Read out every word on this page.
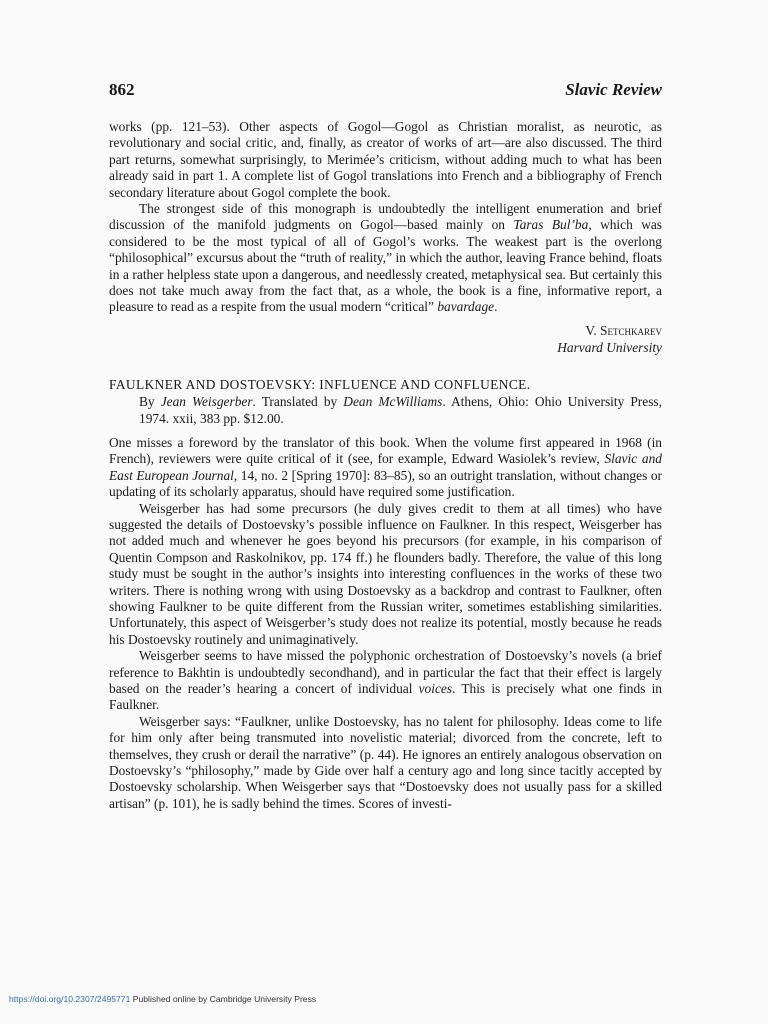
862	Slavic Review

works (pp. 121–53). Other aspects of Gogol—Gogol as Christian moralist, as neurotic, as revolutionary and social critic, and, finally, as creator of works of art—are also discussed. The third part returns, somewhat surprisingly, to Merimée’s criticism, without adding much to what has been already said in part 1. A complete list of Gogol translations into French and a bibliography of French secondary literature about Gogol complete the book.

The strongest side of this monograph is undoubtedly the intelligent enumeration and brief discussion of the manifold judgments on Gogol—based mainly on Taras Bul’ba, which was considered to be the most typical of all of Gogol’s works. The weakest part is the overlong “philosophical” excursus about the “truth of reality,” in which the author, leaving France behind, floats in a rather helpless state upon a dangerous, and needlessly created, metaphysical sea. But certainly this does not take much away from the fact that, as a whole, the book is a fine, informative report, a pleasure to read as a respite from the usual modern “critical” bavardage.

V. Setchkarev
Harvard University
FAULKNER AND DOSTOEVSKY: INFLUENCE AND CONFLUENCE.
By Jean Weisgerber. Translated by Dean McWilliams. Athens, Ohio: Ohio University Press, 1974. xxii, 383 pp. $12.00.

One misses a foreword by the translator of this book. When the volume first appeared in 1968 (in French), reviewers were quite critical of it (see, for example, Edward Wasiolek’s review, Slavic and East European Journal, 14, no. 2 [Spring 1970]: 83–85), so an outright translation, without changes or updating of its scholarly apparatus, should have required some justification.

Weisgerber has had some precursors (he duly gives credit to them at all times) who have suggested the details of Dostoevsky’s possible influence on Faulkner. In this respect, Weisgerber has not added much and whenever he goes beyond his precursors (for example, in his comparison of Quentin Compson and Raskolnikov, pp. 174 ff.) he flounders badly. Therefore, the value of this long study must be sought in the author’s insights into interesting confluences in the works of these two writers. There is nothing wrong with using Dostoevsky as a backdrop and contrast to Faulkner, often showing Faulkner to be quite different from the Russian writer, sometimes establishing similarities. Unfortunately, this aspect of Weisgerber’s study does not realize its potential, mostly because he reads his Dostoevsky routinely and unimaginatively.

Weisgerber seems to have missed the polyphonic orchestration of Dostoevsky’s novels (a brief reference to Bakhtin is undoubtedly secondhand), and in particular the fact that their effect is largely based on the reader’s hearing a concert of individual voices. This is precisely what one finds in Faulkner.

Weisgerber says: “Faulkner, unlike Dostoevsky, has no talent for philosophy. Ideas come to life for him only after being transmuted into novelistic material; divorced from the concrete, left to themselves, they crush or derail the narrative” (p. 44). He ignores an entirely analogous observation on Dostoevsky’s “philosophy,” made by Gide over half a century ago and long since tacitly accepted by Dostoevsky scholarship. When Weisgerber says that “Dostoevsky does not usually pass for a skilled artisan” (p. 101), he is sadly behind the times. Scores of investi-

https://doi.org/10.2307/2495771 Published online by Cambridge University Press
